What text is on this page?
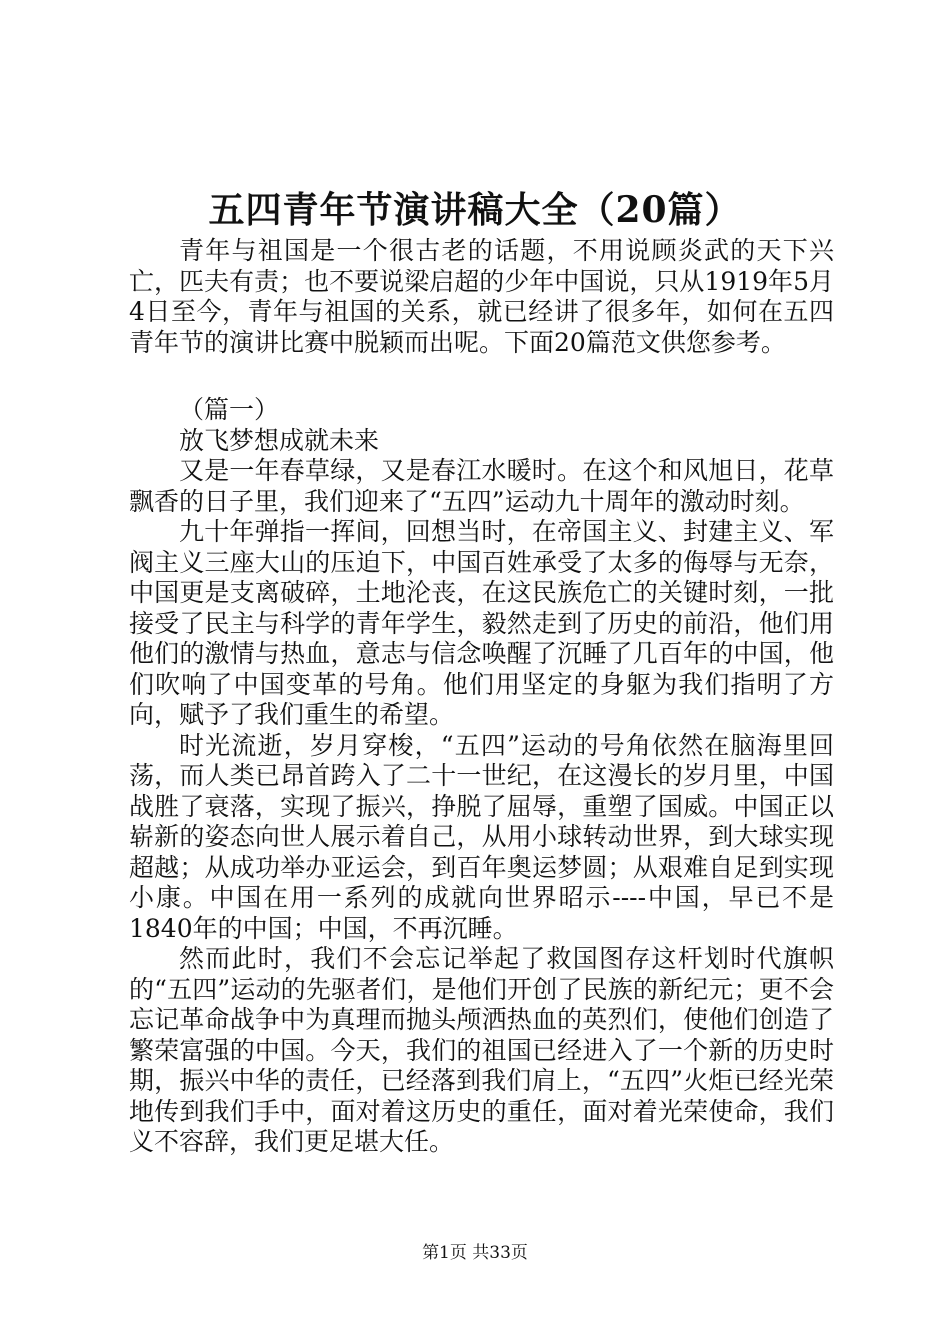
五四青年节演讲稿大全（20篇）

青年与祖国是一个很古老的话题，不用说顾炎武的天下兴亡，匹夫有责；也不要说梁启超的少年中国说，只从1919年5月4日至今，青年与祖国的关系，就已经讲了很多年，如何在五四青年节的演讲比赛中脱颖而出呢。下面20篇范文供您参考。

（篇一）

放飞梦想成就未来

又是一年春草绿，又是春江水暖时。在这个和风旭日，花草飘香的日子里，我们迎来了“五四”运动九十周年的激动时刻。

九十年弹指一挥间，回想当时，在帝国主义、封建主义、军阀主义三座大山的压迫下，中国百姓承受了太多的侮辱与无奈，中国更是支离破碎，土地沦丧，在这民族危亡的关键时刻，一批接受了民主与科学的青年学生，毅然走到了历史的前沿，他们用他们的激情与热血，意志与信念唤醒了沉睡了几百年的中国，他们吹响了中国变革的号角。他们用坚定的身躯为我们指明了方向，赋予了我们重生的希望。

时光流逝，岁月穿梭，“五四”运动的号角依然在脑海里回荡，而人类已昂首跨入了二十一世纪，在这漫长的岁月里，中国战胜了衰落，实现了振兴，挣脱了屈辱，重塑了国威。中国正以崭新的姿态向世人展示着自己，从用小球转动世界，到大球实现超越；从成功举办亚运会，到百年奥运梦圆；从艰难自足到实现小康。中国在用一系列的成就向世界昭示----中国，早已不是1840年的中国；中国，不再沉睡。

然而此时，我们不会忘记举起了救国图存这杆划时代旗帜的“五四”运动的先驱者们，是他们开创了民族的新纪元；更不会忘记革命战争中为真理而抛头颅洒热血的英烈们，使他们创造了繁荣富强的中国。今天，我们的祖国已经进入了一个新的历史时期，振兴中华的责任，已经落到我们肩上，“五四”火炬已经光荣地传到我们手中，面对着这历史的重任，面对着光荣使命，我们义不容辞，我们更足堪大任。

第1页 共33页
